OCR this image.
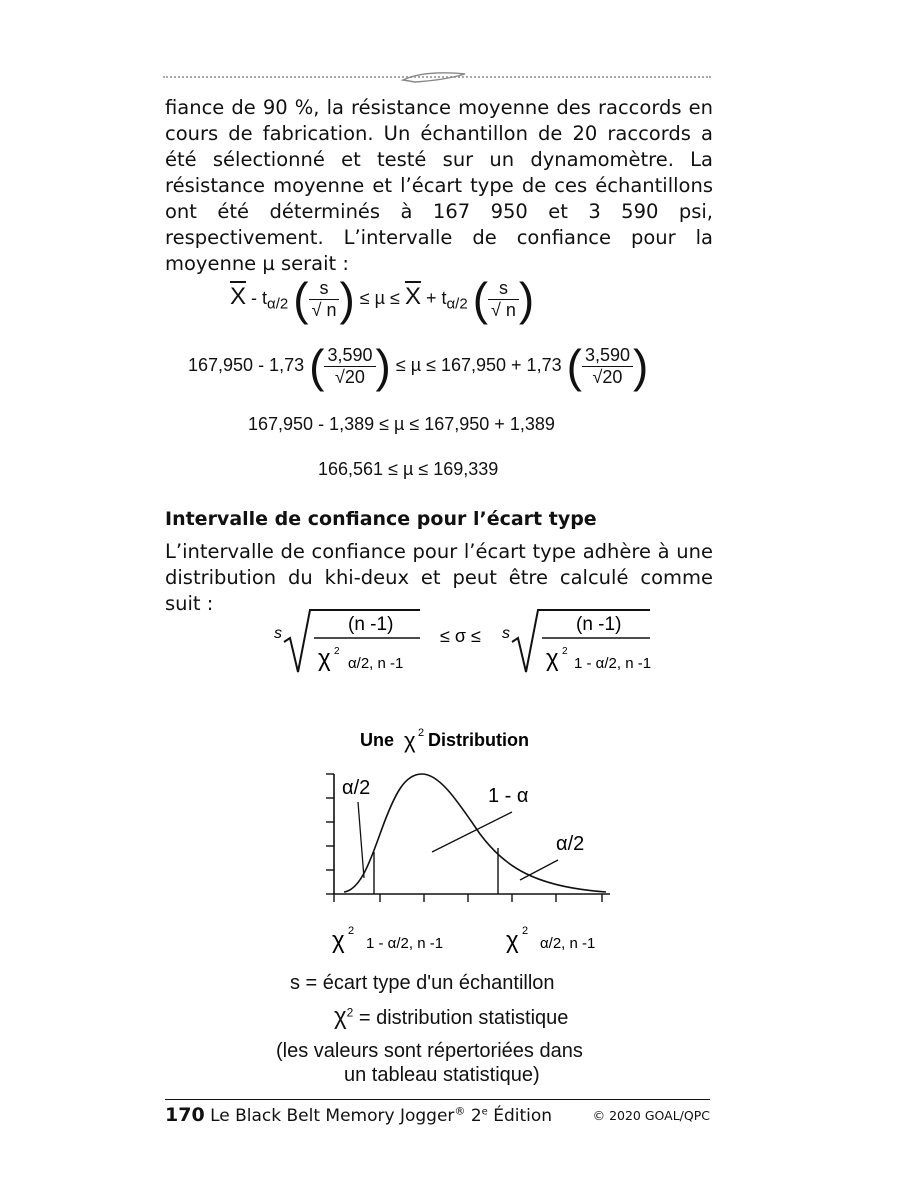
fiance de 90 %, la résistance moyenne des raccords en cours de fabrication. Un échantillon de 20 raccords a été sélectionné et testé sur un dynamomètre. La résistance moyenne et l’écart type de ces échantillons ont été déterminés à 167 950 et 3 590 psi, respectivement. L’intervalle de confiance pour la moyenne µ serait :
$\overline{X} - t_{\alpha/2}$ ( $\frac{s}{√ n}$ ) ≤ $\mu \le \overline{X} + t_{\alpha/2}$ ( $\frac{s}{√ n}$ )
167,950 - 1,73 ( $\frac{3,590}{√20}$ ) ≤ µ ≤ 167,950 + 1,73 ( $\frac{3,590}{√20}$ )
167,950 - 1,389 ≤ µ ≤ 167,950 + 1,389
166,561 ≤ µ ≤ 169,339
Intervalle de confiance pour l’écart type
L’intervalle de confiance pour l’écart type adhère à une distribution du khi-deux et peut être calculé comme suit :
s	(n -1)
χ 2
α/2, n -1
≤ σ ≤ s	(n -1)
χ 2
1 - α/2, n -1
Une χ 2 Distribution
α/2	1 - α
α/2
χ 2
1 - α/2, n -1	χ 2
α/2, n -1
s = écart type d'un échantillon
$\chi^2$ = distribution statistique
(les valeurs sont répertoriées dans
un tableau statistique)
170 Le Black Belt Memory Jogger® 2e Édition	© 2020 GOAL/QPC
